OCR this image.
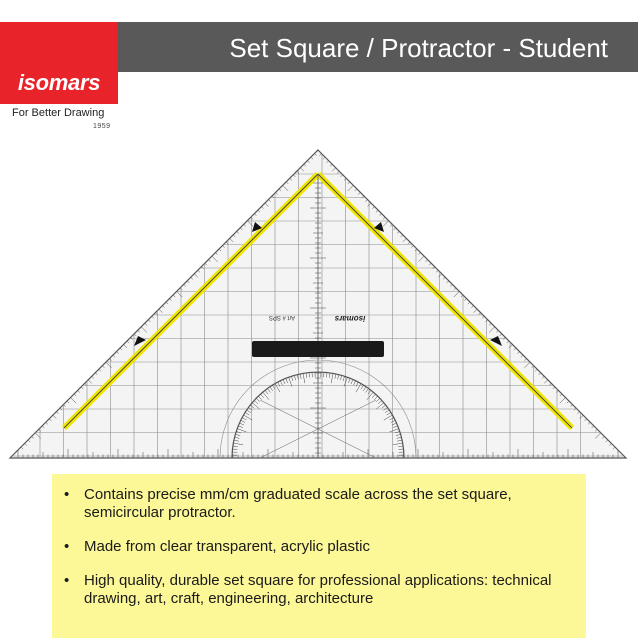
Set Square / Protractor - Student
isomars
For Better Drawing
1959
isomars
Art # SPS
• Contains precise mm/cm graduated scale across the set square, semicircular protractor.
• Made from clear transparent, acrylic plastic
• High quality, durable set square for professional applications: technical drawing, art, craft, engineering, architecture
